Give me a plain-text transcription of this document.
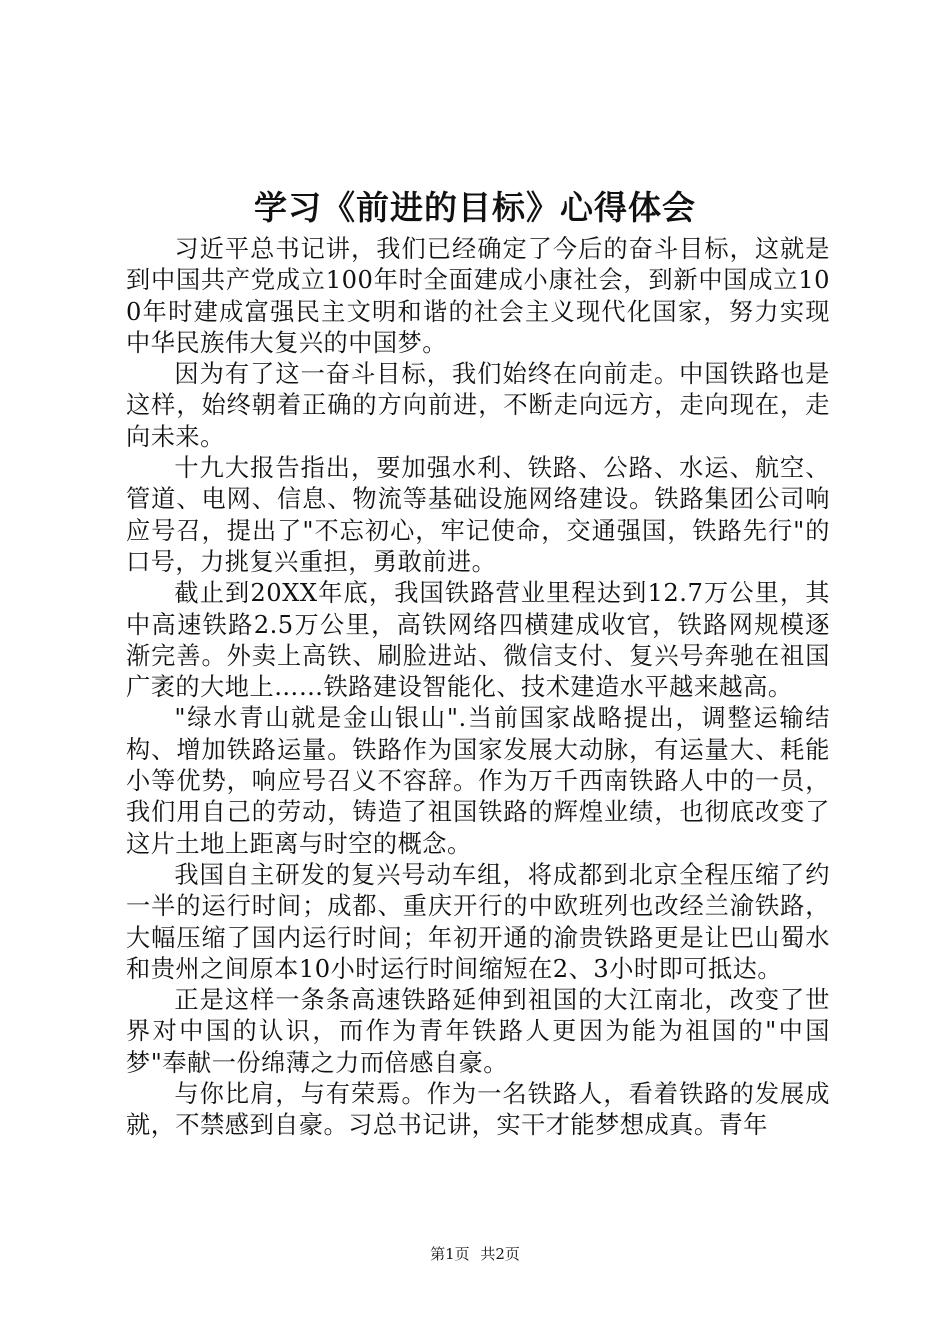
学习《前进的目标》心得体会

习近平总书记讲，我们已经确定了今后的奋斗目标，这就是到中国共产党成立100年时全面建成小康社会，到新中国成立100年时建成富强民主文明和谐的社会主义现代化国家，努力实现中华民族伟大复兴的中国梦。

因为有了这一奋斗目标，我们始终在向前走。中国铁路也是这样，始终朝着正确的方向前进，不断走向远方，走向现在，走向未来。

十九大报告指出，要加强水利、铁路、公路、水运、航空、管道、电网、信息、物流等基础设施网络建设。铁路集团公司响应号召，提出了"不忘初心，牢记使命，交通强国，铁路先行"的口号，力挑复兴重担，勇敢前进。

截止到20XX年底，我国铁路营业里程达到12.7万公里，其中高速铁路2.5万公里，高铁网络四横建成收官，铁路网规模逐渐完善。外卖上高铁、刷脸进站、微信支付、复兴号奔驰在祖国广袤的大地上……铁路建设智能化、技术建造水平越来越高。

"绿水青山就是金山银山".当前国家战略提出，调整运输结构、增加铁路运量。铁路作为国家发展大动脉，有运量大、耗能小等优势，响应号召义不容辞。作为万千西南铁路人中的一员，我们用自己的劳动，铸造了祖国铁路的辉煌业绩，也彻底改变了这片土地上距离与时空的概念。

我国自主研发的复兴号动车组，将成都到北京全程压缩了约一半的运行时间；成都、重庆开行的中欧班列也改经兰渝铁路，大幅压缩了国内运行时间；年初开通的渝贵铁路更是让巴山蜀水和贵州之间原本10小时运行时间缩短在2、3小时即可抵达。

正是这样一条条高速铁路延伸到祖国的大江南北，改变了世界对中国的认识，而作为青年铁路人更因为能为祖国的"中国梦"奉献一份绵薄之力而倍感自豪。

与你比肩，与有荣焉。作为一名铁路人，看着铁路的发展成就，不禁感到自豪。习总书记讲，实干才能梦想成真。青年

第1页 共2页
